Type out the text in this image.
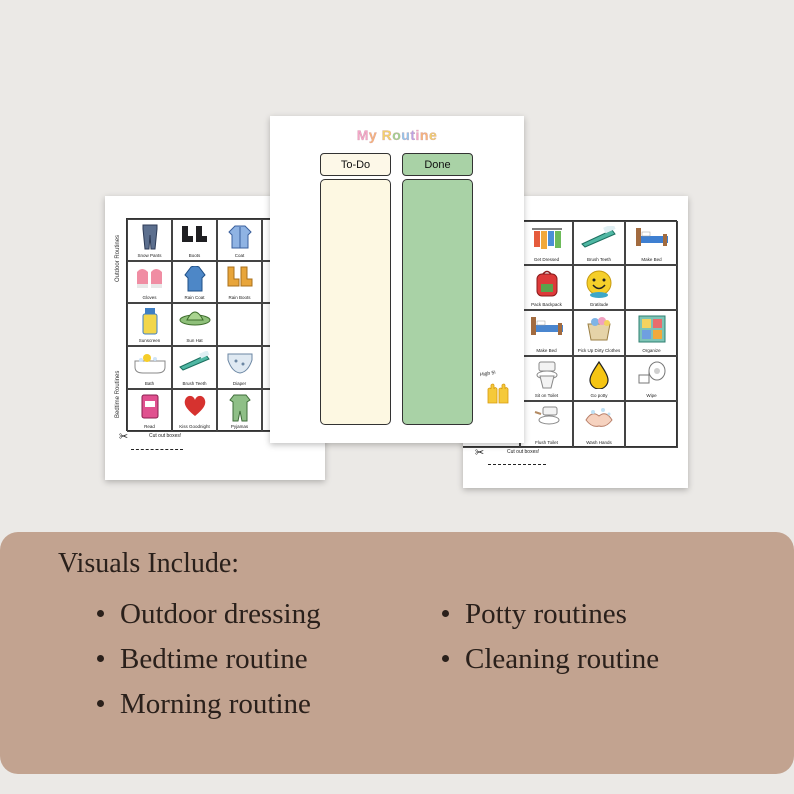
Outdoor Routines
Bedtime Routines
Snow Pants	Boots	Coat
Gloves	Rain Coat	Rain Boots
Sunscreen	Sun Hat
Bath	Brush Teeth	Diaper
Read	Kiss Goodnight	Pyjamas
✂	Cut out boxes!
Get Dressed	Brush Teeth	Make Bed
Pack Backpack	Gratitude
Make Bed	Pick Up Dirty Clothes	Organize
Sit on Toilet	Go potty	Wipe
Flush Toilet	Wash Hands
✂	Cut out boxes!
My Routine
To-Do	Done
High 5!
Visuals Include:
Outdoor dressing
Bedtime routine
Morning routine
Potty routines
Cleaning routine
